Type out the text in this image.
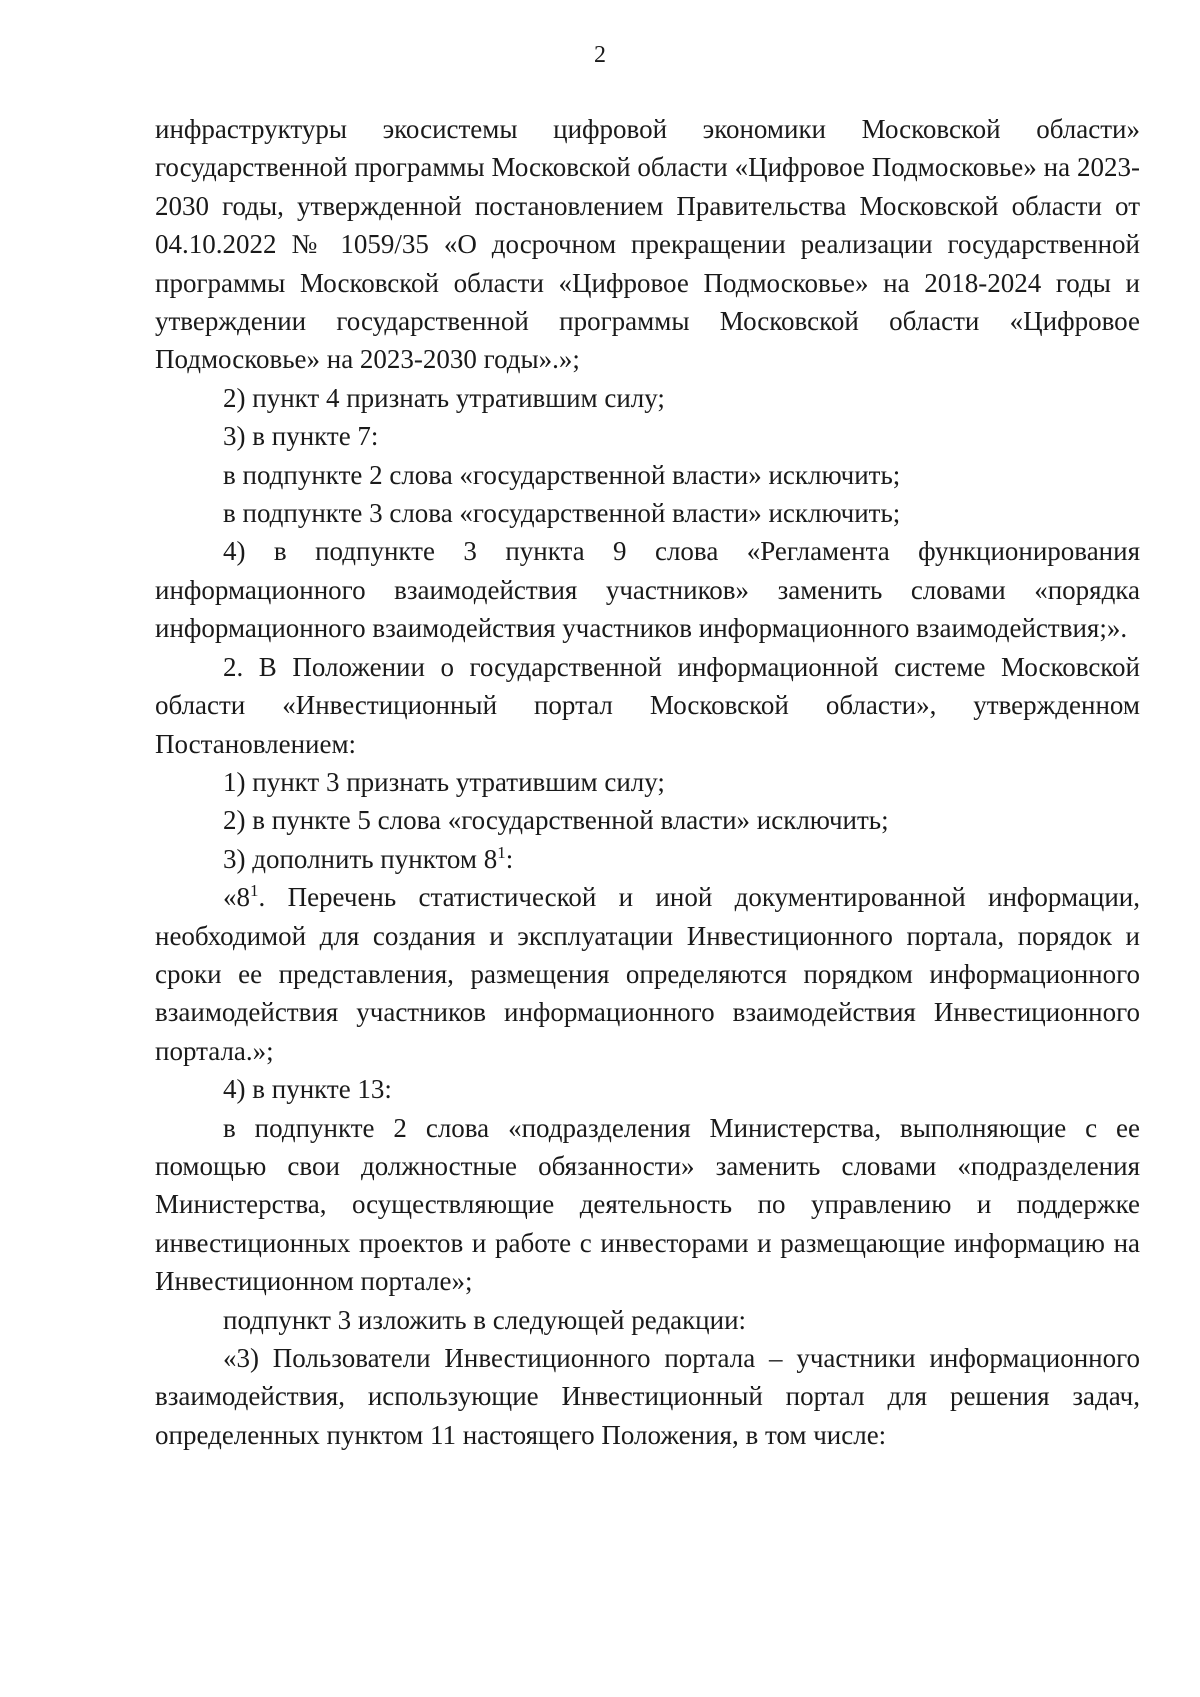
2

инфраструктуры экосистемы цифровой экономики Московской области» государственной программы Московской области «Цифровое Подмосковье» на 2023-2030 годы, утвержденной постановлением Правительства Московской области от 04.10.2022 № 1059/35 «О досрочном прекращении реализации государственной программы Московской области «Цифровое Подмосковье» на 2018-2024 годы и утверждении государственной программы Московской области «Цифровое Подмосковье» на 2023-2030 годы».»;

2) пункт 4 признать утратившим силу;

3) в пункте 7:

в подпункте 2 слова «государственной власти» исключить;

в подпункте 3 слова «государственной власти» исключить;

4) в подпункте 3 пункта 9 слова «Регламента функционирования информационного взаимодействия участников» заменить словами «порядка информационного взаимодействия участников информационного взаимодействия;».

2. В Положении о государственной информационной системе Московской области «Инвестиционный портал Московской области», утвержденном Постановлением:

1) пункт 3 признать утратившим силу;

2) в пункте 5 слова «государственной власти» исключить;

3) дополнить пунктом $8^1$:

«$8^1$. Перечень статистической и иной документированной информации, необходимой для создания и эксплуатации Инвестиционного портала, порядок и сроки ее представления, размещения определяются порядком информационного взаимодействия участников информационного взаимодействия Инвестиционного портала.»;

4) в пункте 13:

в подпункте 2 слова «подразделения Министерства, выполняющие с ее помощью свои должностные обязанности» заменить словами «подразделения Министерства, осуществляющие деятельность по управлению и поддержке инвестиционных проектов и работе с инвесторами и размещающие информацию на Инвестиционном портале»;

подпункт 3 изложить в следующей редакции:

«3) Пользователи Инвестиционного портала – участники информационного взаимодействия, использующие Инвестиционный портал для решения задач, определенных пунктом 11 настоящего Положения, в том числе:
